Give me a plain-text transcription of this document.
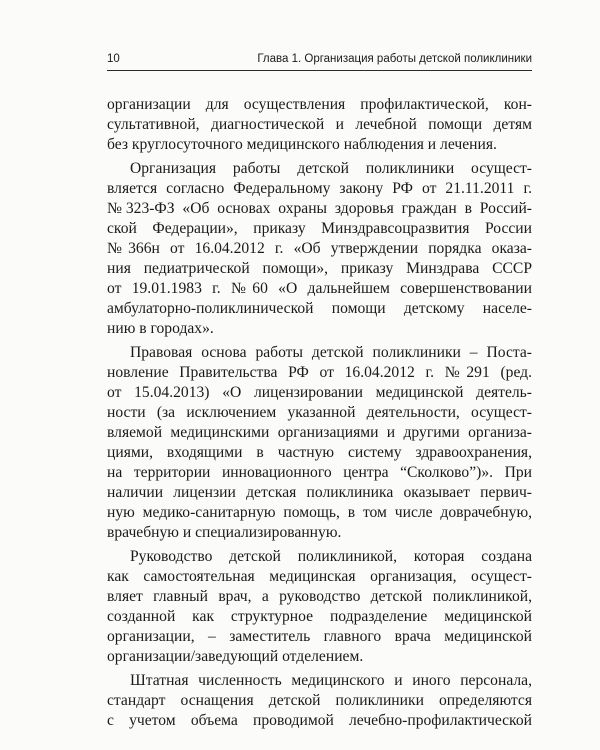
10	Глава 1. Организация работы детской поликлиники
организации для осуществления профилактической, кон-
сультативной, диагностической и лечебной помощи детям
без круглосуточного медицинского наблюдения и лечения.
Организация работы детской поликлиники осущест-
вляется согласно Федеральному закону РФ от 21.11.2011 г.
№323-ФЗ «Об основах охраны здоровья граждан в Россий-
ской Федерации», приказу Минздравсоцразвития России
№366н от 16.04.2012 г. «Об утверждении порядка оказа-
ния педиатрической помощи», приказу Минздрава СССР
от 19.01.1983 г. №60 «О дальнейшем совершенствовании
амбулаторно-поликлинической помощи детскому населе-
нию в городах».
Правовая основа работы детской поликлиники – Поста-
новление Правительства РФ от 16.04.2012 г. №291 (ред.
от 15.04.2013) «О лицензировании медицинской деятель-
ности (за исключением указанной деятельности, осущест-
вляемой медицинскими организациями и другими организа-
циями, входящими в частную систему здравоохранения,
на территории инновационного центра “Сколково”)». При
наличии лицензии детская поликлиника оказывает первич-
ную медико-санитарную помощь, в том числе доврачебную,
врачебную и специализированную.
Руководство детской поликлиникой, которая создана
как самостоятельная медицинская организация, осущест-
вляет главный врач, а руководство детской поликлиникой,
созданной как структурное подразделение медицинской
организации, – заместитель главного врача медицинской
организации/заведующий отделением.
Штатная численность медицинского и иного персонала,
стандарт оснащения детской поликлиники определяются
с учетом объема проводимой лечебно-профилактической
